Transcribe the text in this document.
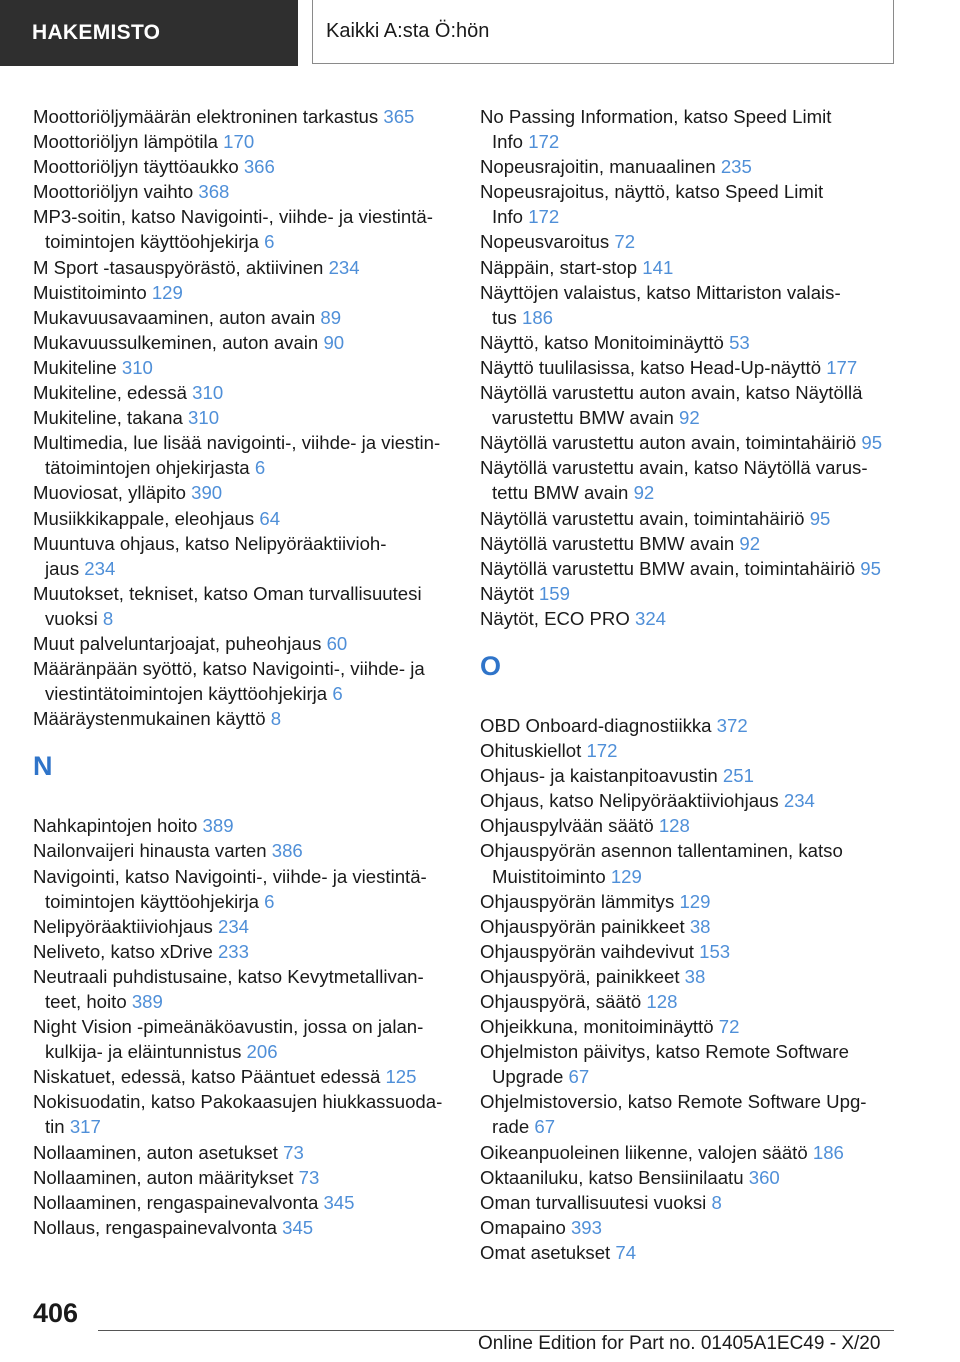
HAKEMISTO	Kaikki A:sta Ö:hön
Moottoriöljymäärän elektroninen tarkastus 365
Moottoriöljyn lämpötila 170
Moottoriöljyn täyttöaukko 366
Moottoriöljyn vaihto 368
MP3-soitin, katso Navigointi-, viihde- ja viestintä-
toimintojen käyttöohjekirja 6
M Sport -tasauspyörästö, aktiivinen 234
Muistitoiminto 129
Mukavuusavaaminen, auton avain 89
Mukavuussulkeminen, auton avain 90
Mukiteline 310
Mukiteline, edessä 310
Mukiteline, takana 310
Multimedia, lue lisää navigointi-, viihde- ja viestin-
tätoimintojen ohjekirjasta 6
Muoviosat, ylläpito 390
Musiikkikappale, eleohjaus 64
Muuntuva ohjaus, katso Nelipyöräaktiivioh-
jaus 234
Muutokset, tekniset, katso Oman turvallisuutesi
vuoksi 8
Muut palveluntarjoajat, puheohjaus 60
Määränpään syöttö, katso Navigointi-, viihde- ja
viestintätoimintojen käyttöohjekirja 6
Määräystenmukainen käyttö 8
N
Nahkapintojen hoito 389
Nailonvaijeri hinausta varten 386
Navigointi, katso Navigointi-, viihde- ja viestintä-
toimintojen käyttöohjekirja 6
Nelipyöräaktiiviohjaus 234
Neliveto, katso xDrive 233
Neutraali puhdistusaine, katso Kevytmetallivan-
teet, hoito 389
Night Vision -pimeänäköavustin, jossa on jalan-
kulkija- ja eläintunnistus 206
Niskatuet, edessä, katso Pääntuet edessä 125
Nokisuodatin, katso Pakokaasujen hiukkassuoda-
tin 317
Nollaaminen, auton asetukset 73
Nollaaminen, auton määritykset 73
Nollaaminen, rengaspainevalvonta 345
Nollaus, rengaspainevalvonta 345
No Passing Information, katso Speed Limit
Info 172
Nopeusrajoitin, manuaalinen 235
Nopeusrajoitus, näyttö, katso Speed Limit
Info 172
Nopeusvaroitus 72
Näppäin, start-stop 141
Näyttöjen valaistus, katso Mittariston valais-
tus 186
Näyttö, katso Monitoiminäyttö 53
Näyttö tuulilasissa, katso Head-Up-näyttö 177
Näytöllä varustettu auton avain, katso Näytöllä
varustettu BMW avain 92
Näytöllä varustettu auton avain, toimintahäiriö 95
Näytöllä varustettu avain, katso Näytöllä varus-
tettu BMW avain 92
Näytöllä varustettu avain, toimintahäiriö 95
Näytöllä varustettu BMW avain 92
Näytöllä varustettu BMW avain, toimintahäiriö 95
Näytöt 159
Näytöt, ECO PRO 324
O
OBD Onboard-diagnostiikka 372
Ohituskiellot 172
Ohjaus- ja kaistanpitoavustin 251
Ohjaus, katso Nelipyöräaktiiviohjaus 234
Ohjauspylvään säätö 128
Ohjauspyörän asennon tallentaminen, katso
Muistitoiminto 129
Ohjauspyörän lämmitys 129
Ohjauspyörän painikkeet 38
Ohjauspyörän vaihdevivut 153
Ohjauspyörä, painikkeet 38
Ohjauspyörä, säätö 128
Ohjeikkuna, monitoiminäyttö 72
Ohjelmiston päivitys, katso Remote Software
Upgrade 67
Ohjelmistoversio, katso Remote Software Upg-
rade 67
Oikeanpuoleinen liikenne, valojen säätö 186
Oktaaniluku, katso Bensiinilaatu 360
Oman turvallisuutesi vuoksi 8
Omapaino 393
Omat asetukset 74
406
Online Edition for Part no. 01405A1EC49 - X/20
